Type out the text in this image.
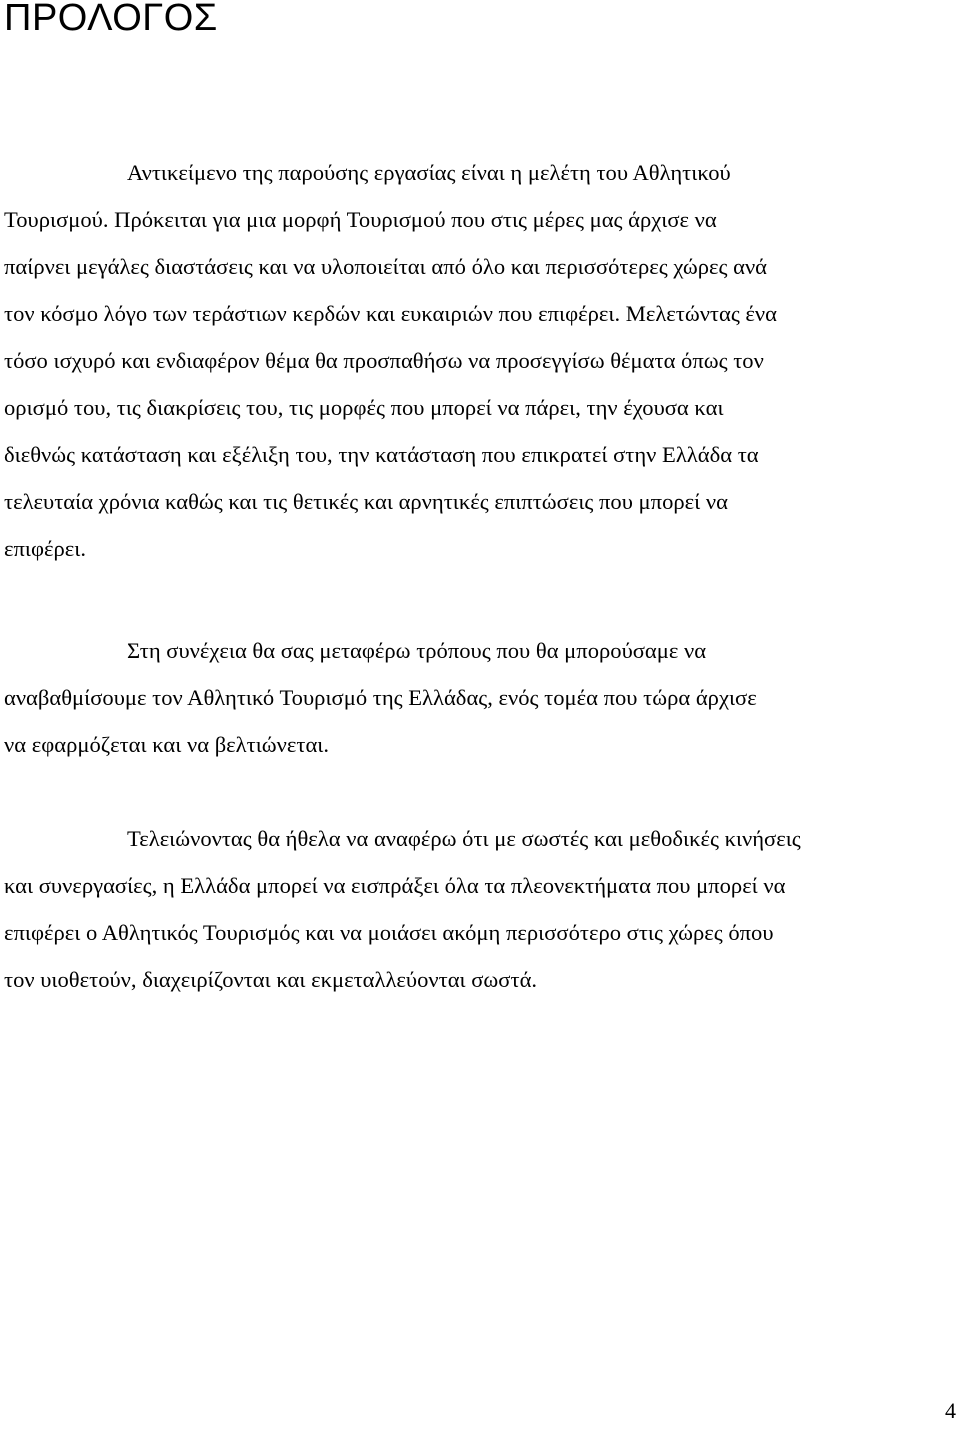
ΠΡΟΛΟΓΟΣ
Αντικείμενο της παρούσης εργασίας είναι η μελέτη του Αθλητικού
Τουρισμού. Πρόκειται για μια μορφή Τουρισμού που στις μέρες μας άρχισε να
παίρνει μεγάλες διαστάσεις και να υλοποιείται από όλο και περισσότερες χώρες ανά
τον κόσμο λόγο των τεράστιων κερδών και ευκαιριών που επιφέρει. Μελετώντας ένα
τόσο ισχυρό και ενδιαφέρον θέμα θα προσπαθήσω να προσεγγίσω θέματα όπως τον
ορισμό του, τις διακρίσεις του, τις μορφές που μπορεί να πάρει, την έχουσα και
διεθνώς κατάσταση και εξέλιξη του, την κατάσταση που επικρατεί στην Ελλάδα τα
τελευταία χρόνια καθώς και τις θετικές και αρνητικές επιπτώσεις που μπορεί να
επιφέρει.
Στη συνέχεια θα σας μεταφέρω τρόπους που θα μπορούσαμε να
αναβαθμίσουμε τον Αθλητικό Τουρισμό της Ελλάδας, ενός τομέα που τώρα άρχισε
να εφαρμόζεται και να βελτιώνεται.
Τελειώνοντας θα ήθελα να αναφέρω ότι με σωστές και μεθοδικές κινήσεις
και συνεργασίες, η Ελλάδα μπορεί να εισπράξει όλα τα πλεονεκτήματα που μπορεί να
επιφέρει ο Αθλητικός Τουρισμός και να μοιάσει ακόμη περισσότερο στις χώρες όπου
τον υιοθετούν, διαχειρίζονται και εκμεταλλεύονται σωστά.
4
